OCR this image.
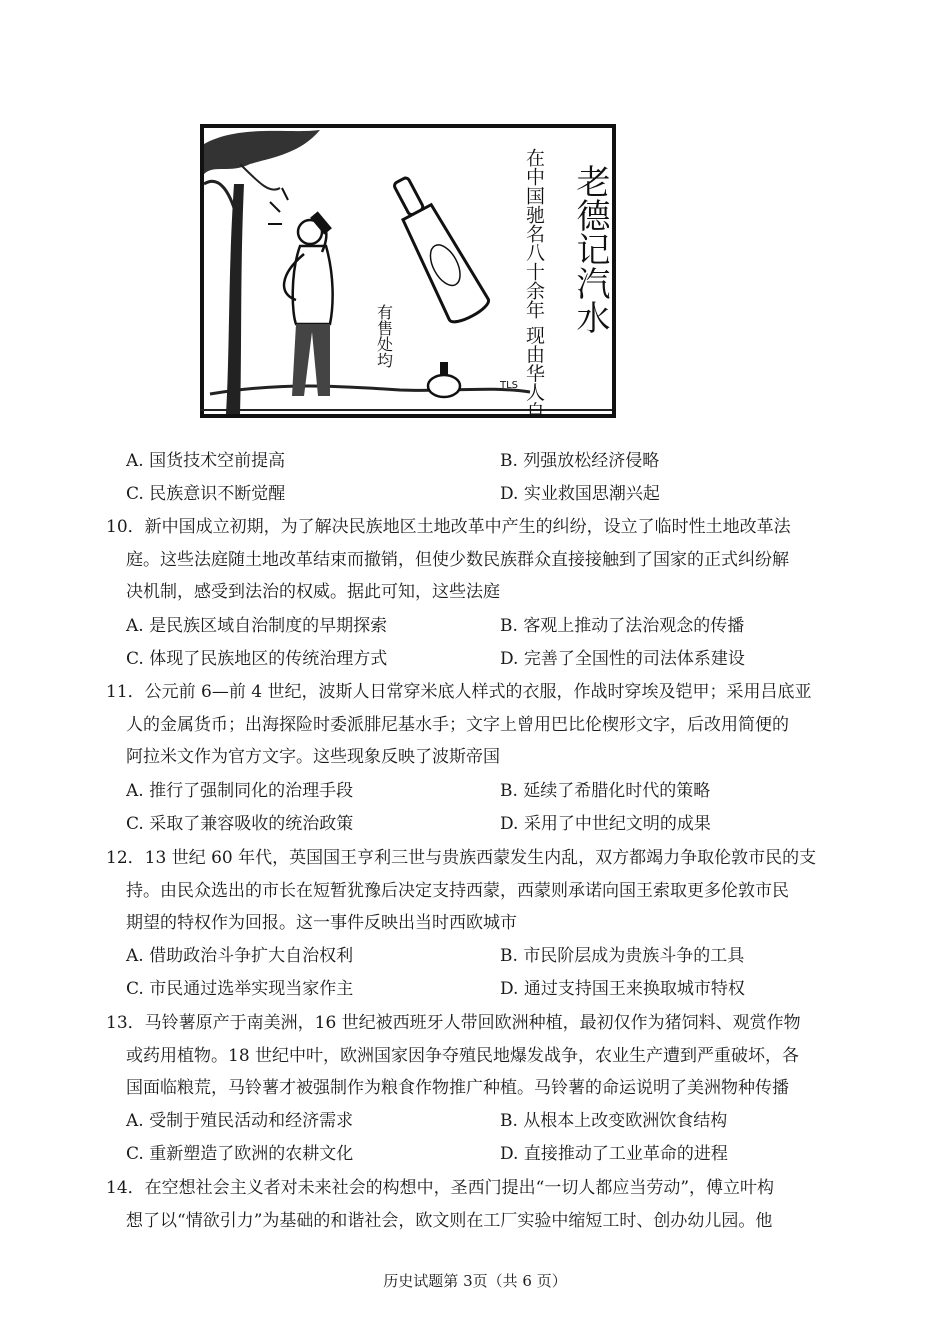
老德记汽水
在中国驰名八十余年 现由华人自办完全国货
有售处均
TLS
A. 国货技术空前提高	B. 列强放松经济侵略
C. 民族意识不断觉醒	D. 实业救国思潮兴起
10．新中国成立初期，为了解决民族地区土地改革中产生的纠纷，设立了临时性土地改革法
庭。这些法庭随土地改革结束而撤销，但使少数民族群众直接接触到了国家的正式纠纷解
决机制，感受到法治的权威。据此可知，这些法庭
A. 是民族区域自治制度的早期探索	B. 客观上推动了法治观念的传播
C. 体现了民族地区的传统治理方式	D. 完善了全国性的司法体系建设
11．公元前 6—前 4 世纪，波斯人日常穿米底人样式的衣服，作战时穿埃及铠甲；采用吕底亚
人的金属货币；出海探险时委派腓尼基水手；文字上曾用巴比伦楔形文字，后改用简便的
阿拉米文作为官方文字。这些现象反映了波斯帝国
A. 推行了强制同化的治理手段	B. 延续了希腊化时代的策略
C. 采取了兼容吸收的统治政策	D. 采用了中世纪文明的成果
12．13 世纪 60 年代，英国国王亨利三世与贵族西蒙发生内乱，双方都竭力争取伦敦市民的支
持。由民众选出的市长在短暂犹豫后决定支持西蒙，西蒙则承诺向国王索取更多伦敦市民
期望的特权作为回报。这一事件反映出当时西欧城市
A. 借助政治斗争扩大自治权利	B. 市民阶层成为贵族斗争的工具
C. 市民通过选举实现当家作主	D. 通过支持国王来换取城市特权
13．马铃薯原产于南美洲，16 世纪被西班牙人带回欧洲种植，最初仅作为猪饲料、观赏作物
或药用植物。18 世纪中叶，欧洲国家因争夺殖民地爆发战争，农业生产遭到严重破坏，各
国面临粮荒，马铃薯才被强制作为粮食作物推广种植。马铃薯的命运说明了美洲物种传播
A. 受制于殖民活动和经济需求	B. 从根本上改变欧洲饮食结构
C. 重新塑造了欧洲的农耕文化	D. 直接推动了工业革命的进程
14．在空想社会主义者对未来社会的构想中，圣西门提出“一切人都应当劳动”，傅立叶构
想了以“情欲引力”为基础的和谐社会，欧文则在工厂实验中缩短工时、创办幼儿园。他
历史试题第 3页（共 6 页）
